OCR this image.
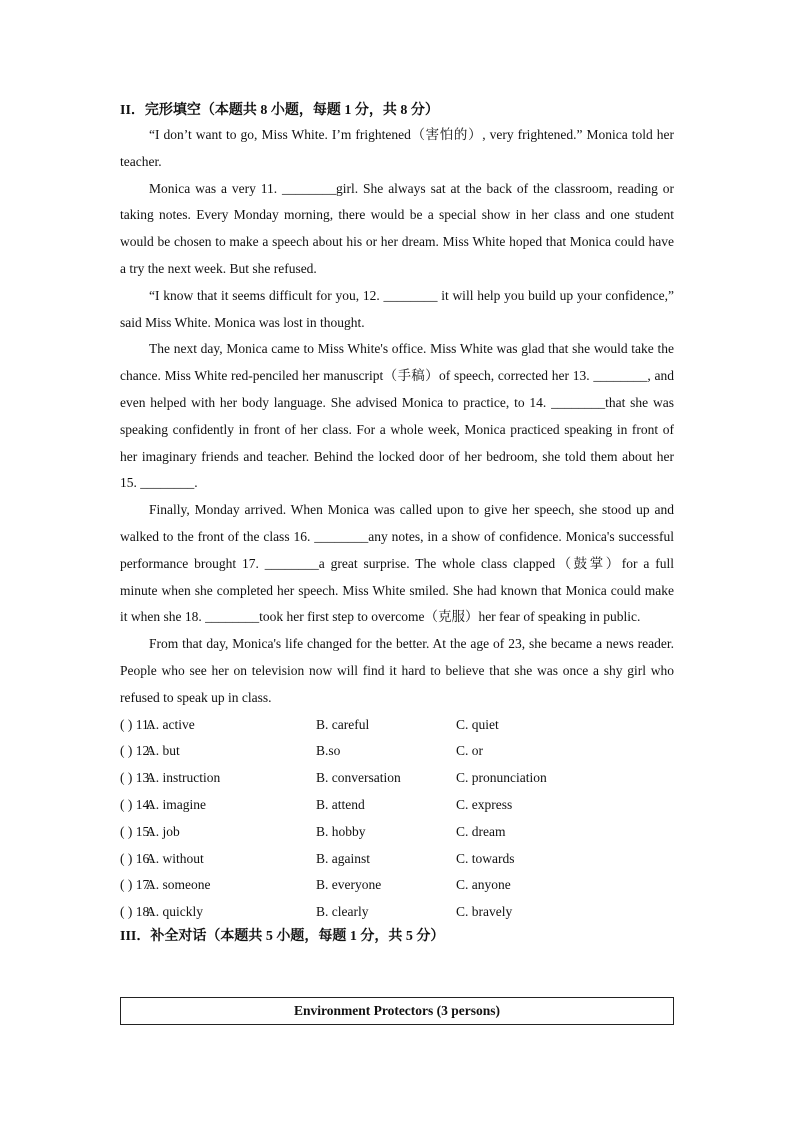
II．完形填空（本题共 8 小题，每题 1 分，共 8 分）

“I don’t want to go, Miss White. I’m frightened（害怕的）, very frightened.” Monica told her teacher.

Monica was a very 11. ________girl. She always sat at the back of the classroom, reading or taking notes. Every Monday morning, there would be a special show in her class and one student would be chosen to make a speech about his or her dream. Miss White hoped that Monica could have a try the next week. But she refused.

“I know that it seems difficult for you, 12. ________ it will help you build up your confidence,” said Miss White. Monica was lost in thought.

The next day, Monica came to Miss White's office. Miss White was glad that she would take the chance. Miss White red-penciled her manuscript（手稿）of speech, corrected her 13. ________, and even helped with her body language. She advised Monica to practice, to 14. ________that she was speaking confidently in front of her class. For a whole week, Monica practiced speaking in front of her imaginary friends and teacher. Behind the locked door of her bedroom, she told them about her 15. ________.

Finally, Monday arrived. When Monica was called upon to give her speech, she stood up and walked to the front of the class 16. ________any notes, in a show of confidence. Monica's successful performance brought 17. ________a great surprise. The whole class clapped（鼓掌）for a full minute when she completed her speech. Miss White smiled. She had known that Monica could make it when she 18. ________took her first step to overcome（克服）her fear of speaking in public.

From that day, Monica's life changed for the better. At the age of 23, she became a news reader. People who see her on television now will find it hard to believe that she was once a shy girl who refused to speak up in class.

( ) 11.
A. active	B. careful	C. quiet
( ) 12.
A. but	B.so	C. or
( ) 13.
A. instruction	B. conversation	C. pronunciation
( ) 14.
A. imagine	B. attend	C. express
( ) 15.
A. job	B. hobby	C. dream
( ) 16.
A. without	B. against	C. towards
( ) 17.
A. someone	B. everyone	C. anyone
( ) 18.
A. quickly	B. clearly	C. bravely
III．补全对话（本题共 5 小题，每题 1 分，共 5 分）
Environment Protectors (3 persons)
